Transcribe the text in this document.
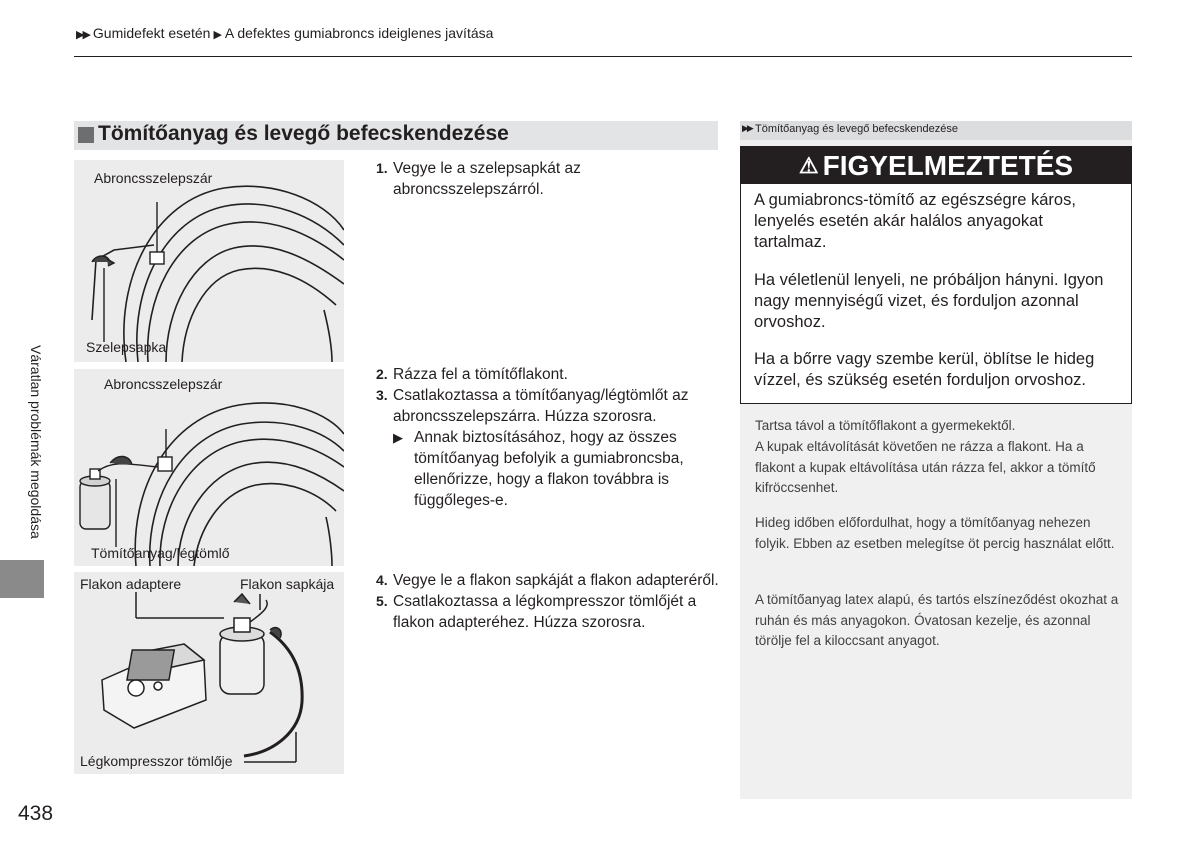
▶▶ Gumidefekt esetén ▶ A defektes gumiabroncs ideiglenes javítása
Váratlan problémák megoldása
438
Tömítőanyag és levegő befecskendezése
Abroncsszelepszár
Szelepsapka
Abroncsszelepszár
Tömítőanyag/légtömlő
Flakon adaptere	Flakon sapkája
Légkompresszor tömlője
1. Vegye le a szelepsapkát az abroncsszelepszárról.
2. Rázza fel a tömítőflakont.
3. Csatlakoztassa a tömítőanyag/légtömlőt az abroncsszelepszárra. Húzza szorosra.
▶ Annak biztosításához, hogy az összes tömítőanyag befolyik a gumiabroncsba, ellenőrizze, hogy a flakon továbbra is függőleges-e.
4. Vegye le a flakon sapkáját a flakon adapteréről.
5. Csatlakoztassa a légkompresszor tömlőjét a flakon adapteréhez. Húzza szorosra.
▶▶ Tömítőanyag és levegő befecskendezése
⚠ FIGYELMEZTETÉS
A gumiabroncs-tömítő az egészségre káros, lenyelés esetén akár halálos anyagokat tartalmaz.
Ha véletlenül lenyeli, ne próbáljon hányni. Igyon nagy mennyiségű vizet, és forduljon azonnal orvoshoz.
Ha a bőrre vagy szembe kerül, öblítse le hideg vízzel, és szükség esetén forduljon orvoshoz.
Tartsa távol a tömítőflakont a gyermekektől.
A kupak eltávolítását követően ne rázza a flakont. Ha a flakont a kupak eltávolítása után rázza fel, akkor a tömítő kifröccsenhet.
Hideg időben előfordulhat, hogy a tömítőanyag nehezen folyik. Ebben az esetben melegítse öt percig használat előtt.
A tömítőanyag latex alapú, és tartós elszíneződést okozhat a ruhán és más anyagokon. Óvatosan kezelje, és azonnal törölje fel a kiloccsant anyagot.
